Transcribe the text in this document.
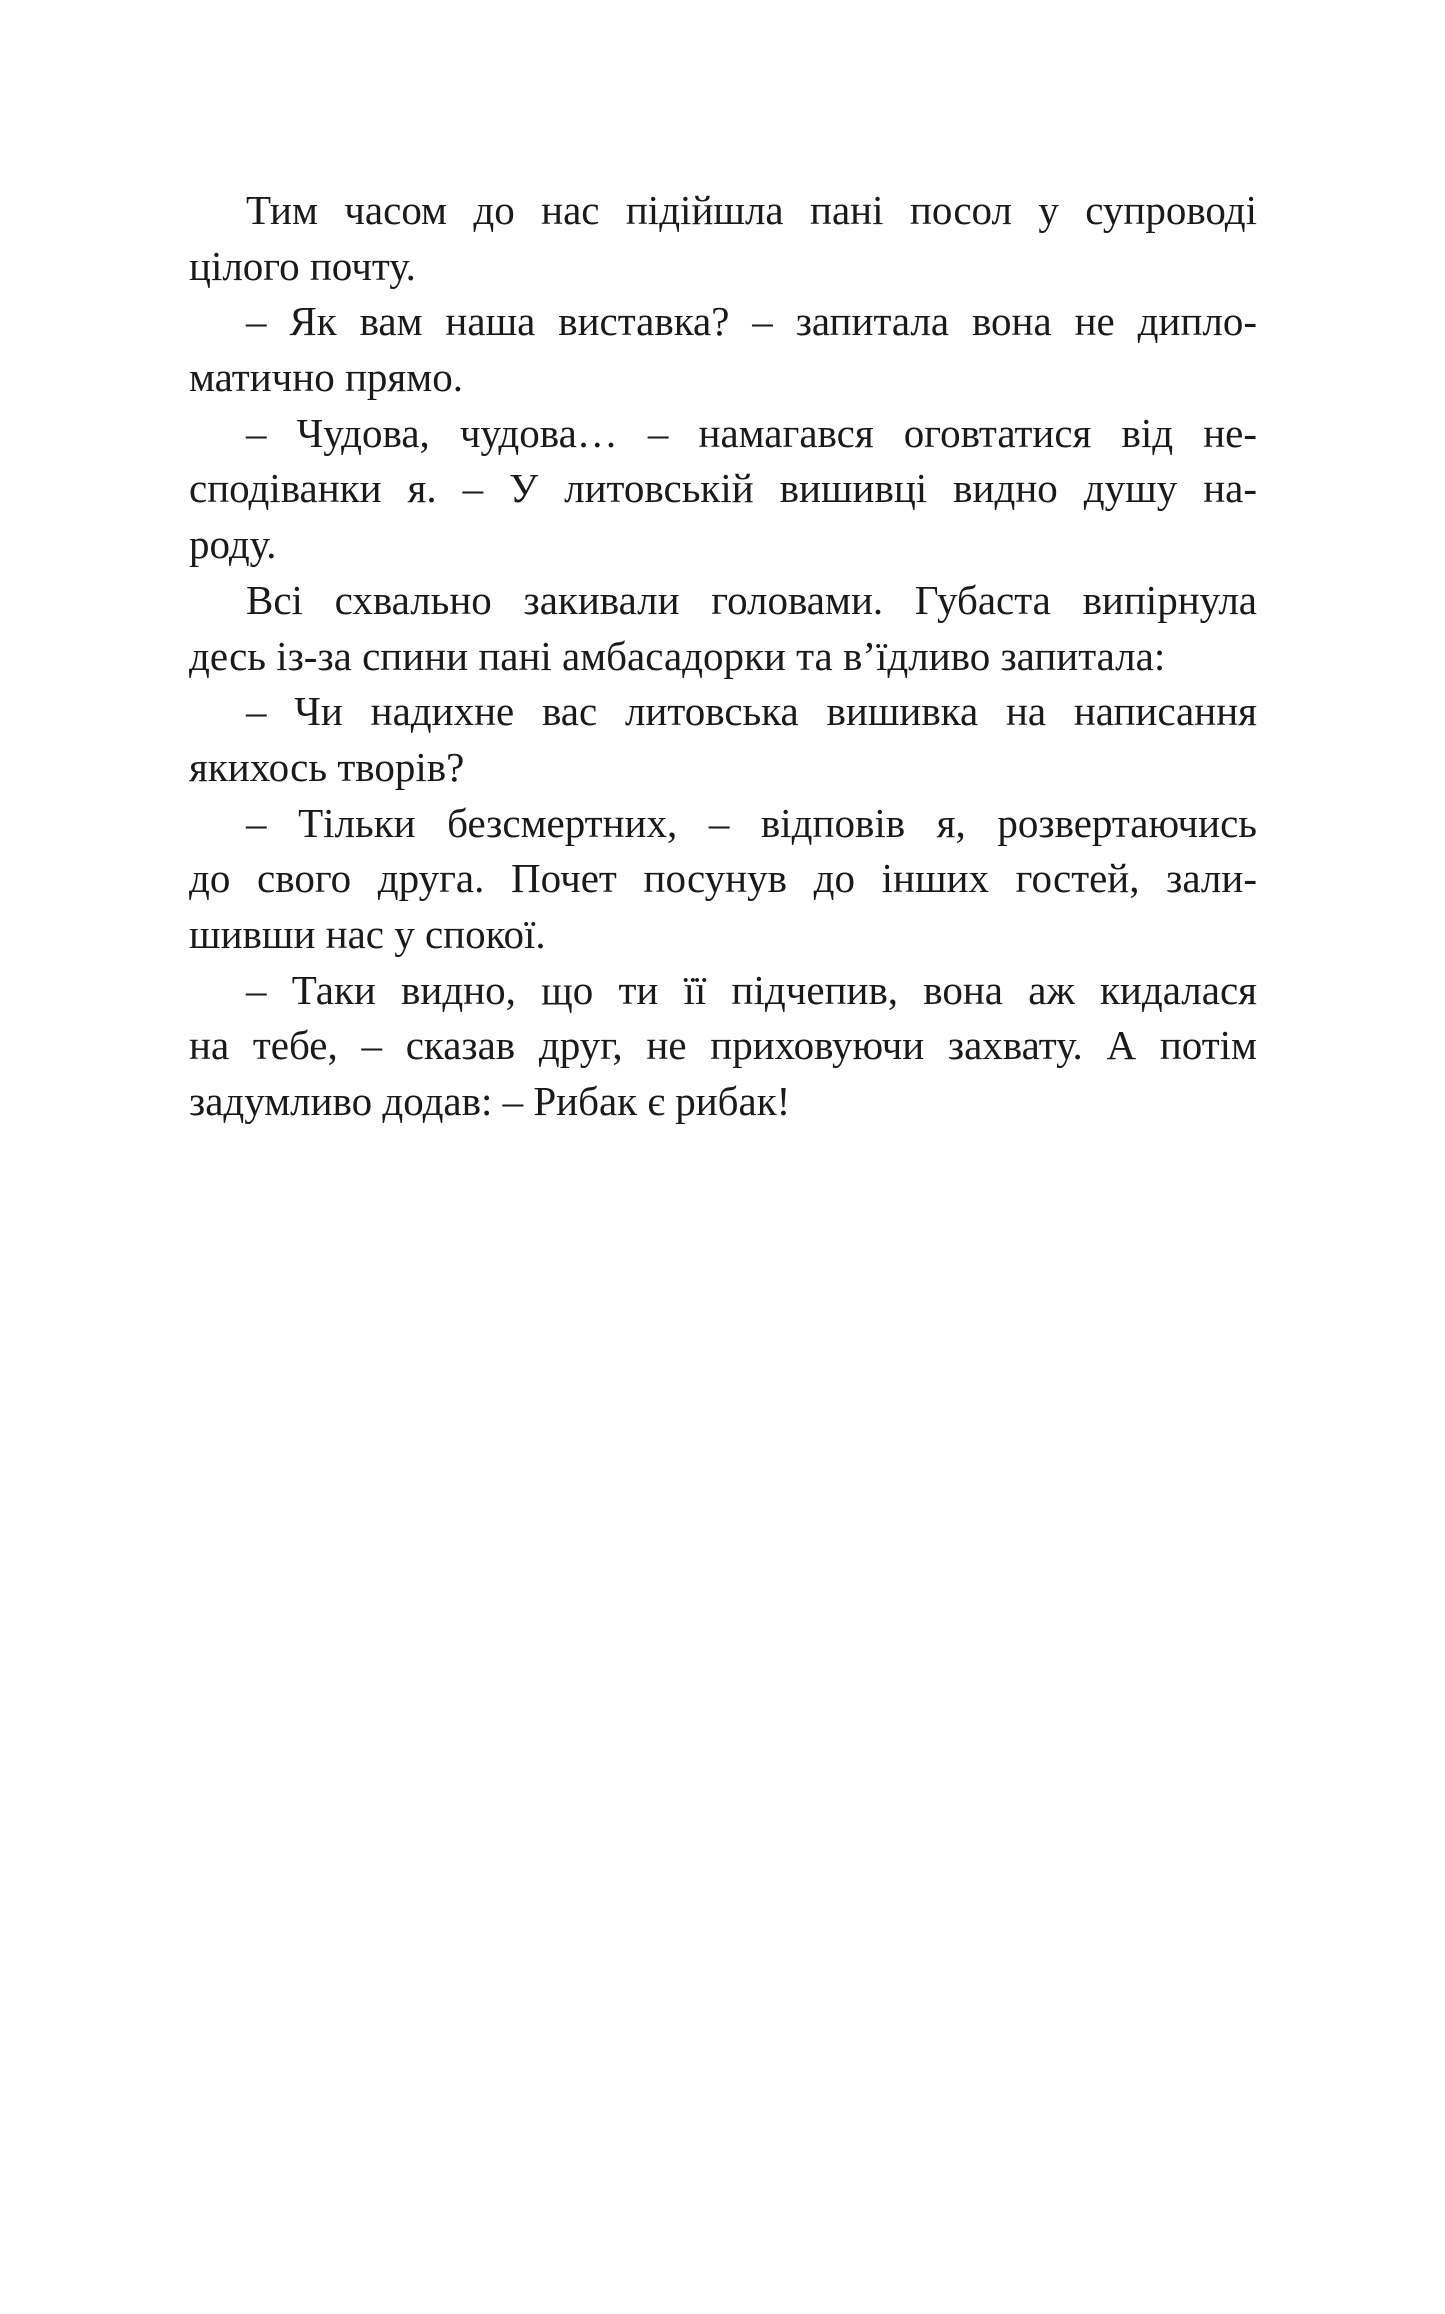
Тим часом до нас підійшла пані посол у супроводі
цілого почту.
– Як вам наша виставка? – запитала вона не дипло-
матично прямо.
– Чудова, чудова… – намагався оговтатися від не-
сподіванки я. – У литовській вишивці видно душу на-
роду.
Всі схвально закивали головами. Губаста випірнула
десь із-за спини пані амбасадорки та в’їдливо запитала:
– Чи надихне вас литовська вишивка на написання
якихось творів?
– Тільки безсмертних, – відповів я, розвертаючись
до свого друга. Почет посунув до інших гостей, зали-
шивши нас у спокої.
– Таки видно, що ти її підчепив, вона аж кидалася
на тебе, – сказав друг, не приховуючи захвату. А потім
задумливо додав: – Рибак є рибак!
